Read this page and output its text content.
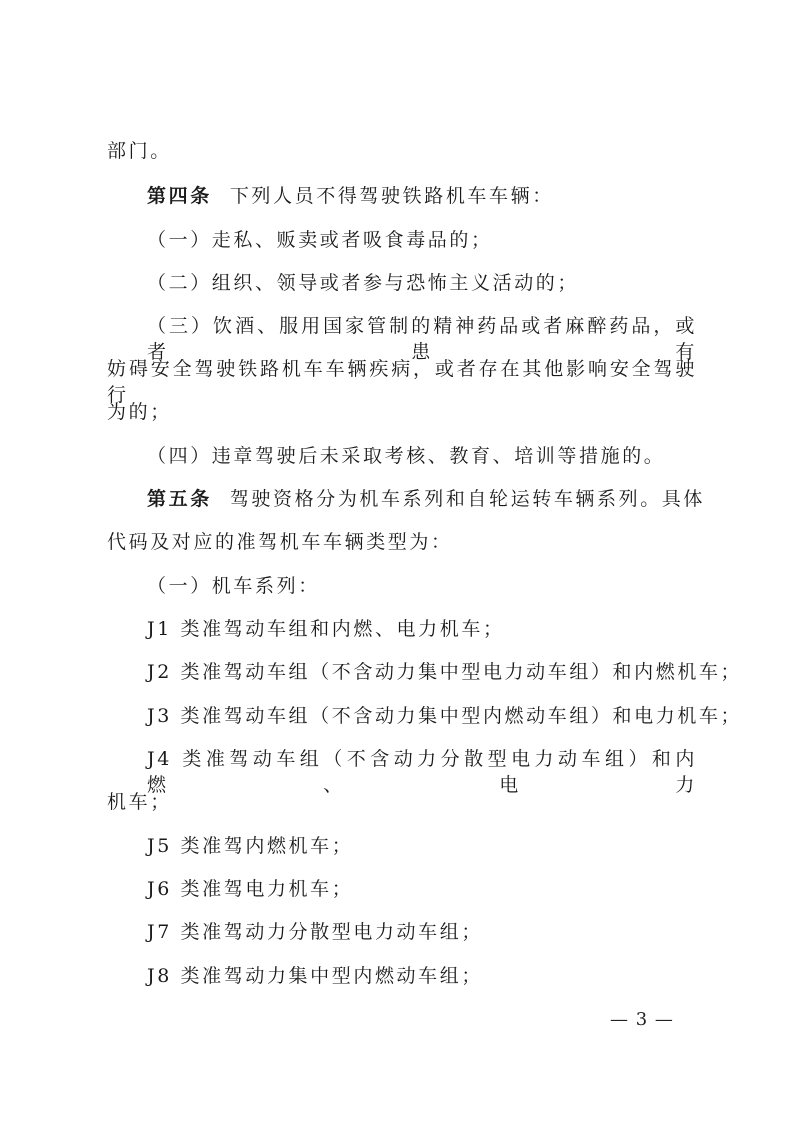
部门。
第四条 下列人员不得驾驶铁路机车车辆：
（一）走私、贩卖或者吸食毒品的；
（二）组织、领导或者参与恐怖主义活动的；
（三）饮酒、服用国家管制的精神药品或者麻醉药品，或者患有
妨碍安全驾驶铁路机车车辆疾病，或者存在其他影响安全驾驶行
为的；
（四）违章驾驶后未采取考核、教育、培训等措施的。
第五条 驾驶资格分为机车系列和自轮运转车辆系列。具体
代码及对应的准驾机车车辆类型为：
（一）机车系列：
J1 类准驾动车组和内燃、电力机车；
J2 类准驾动车组（不含动力集中型电力动车组）和内燃机车；
J3 类准驾动车组（不含动力集中型内燃动车组）和电力机车；
J4 类准驾动车组（不含动力分散型电力动车组）和内燃、电力
机车；
J5 类准驾内燃机车；
J6 类准驾电力机车；
J7 类准驾动力分散型电力动车组；
J8 类准驾动力集中型内燃动车组；
— 3 —
